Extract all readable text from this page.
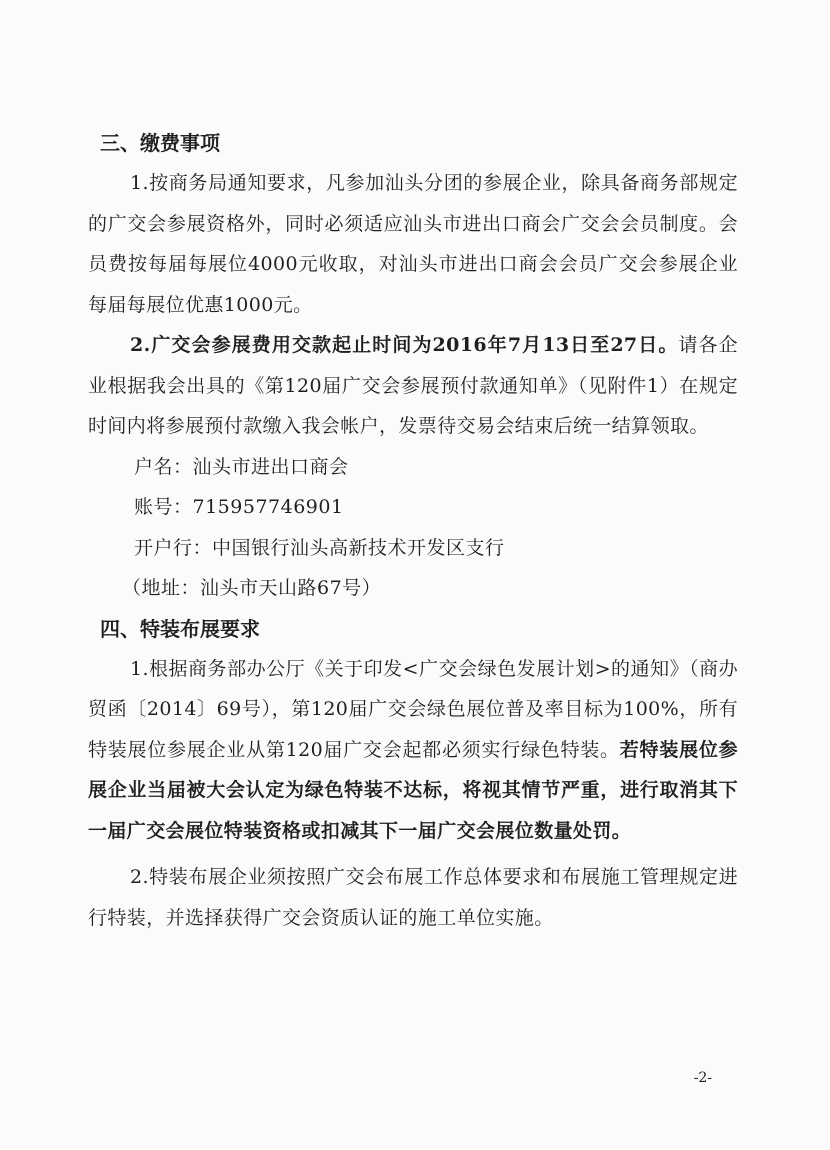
三、缴费事项

1.按商务局通知要求，凡参加汕头分团的参展企业，除具备商务部规定的广交会参展资格外，同时必须适应汕头市进出口商会广交会会员制度。会员费按每届每展位4000元收取，对汕头市进出口商会会员广交会参展企业每届每展位优惠1000元。

2.广交会参展费用交款起止时间为2016年7月13日至27日。请各企业根据我会出具的《第120届广交会参展预付款通知单》（见附件1）在规定时间内将参展预付款缴入我会帐户，发票待交易会结束后统一结算领取。

户名：汕头市进出口商会
账号：715957746901
开户行：中国银行汕头高新技术开发区支行
（地址：汕头市天山路67号）
四、特装布展要求

1.根据商务部办公厅《关于印发<广交会绿色发展计划>的通知》（商办贸函〔2014〕69号），第120届广交会绿色展位普及率目标为100%，所有特装展位参展企业从第120届广交会起都必须实行绿色特装。若特装展位参展企业当届被大会认定为绿色特装不达标，将视其情节严重，进行取消其下一届广交会展位特装资格或扣减其下一届广交会展位数量处罚。

2.特装布展企业须按照广交会布展工作总体要求和布展施工管理规定进行特装，并选择获得广交会资质认证的施工单位实施。

-2-
